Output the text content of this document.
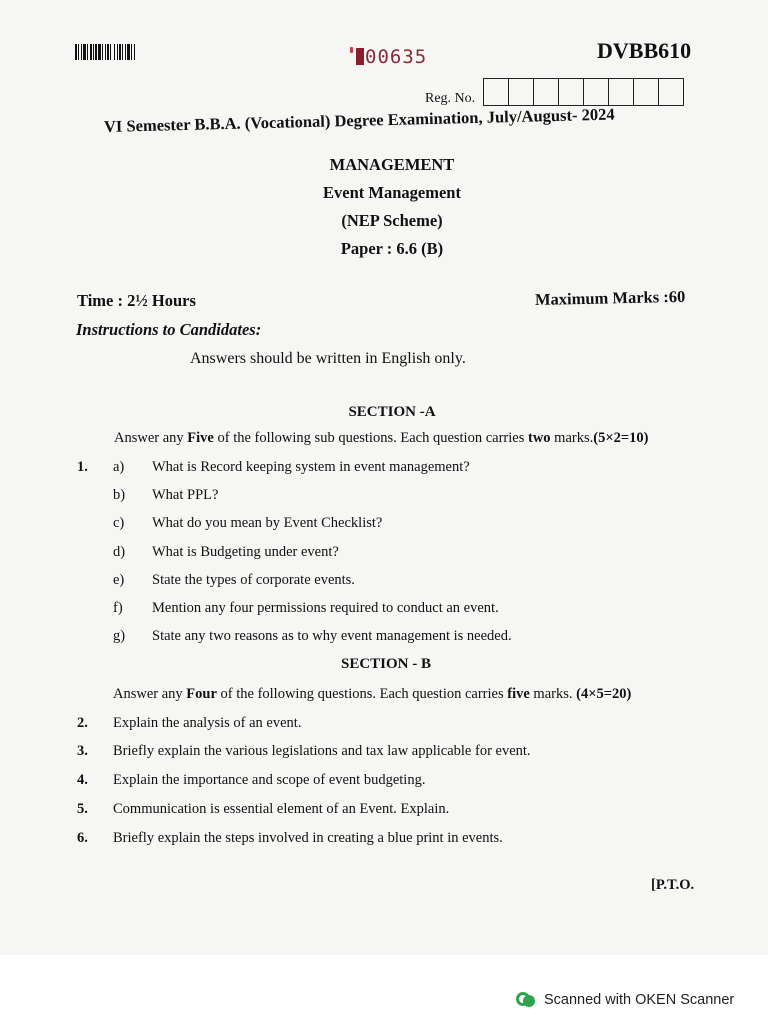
00635	DVBB610
Reg. No.
VI Semester B.B.A. (Vocational) Degree Examination, July/August- 2024
MANAGEMENT
Event Management
(NEP Scheme)
Paper : 6.6 (B)
Time : 2½ Hours	Maximum Marks :60
Instructions to Candidates:
Answers should be written in English only.
SECTION -A
Answer any Five of the following sub questions. Each question carries two marks.(5×2=10)
1. a) What is Record keeping system in event management?
b) What PPL?
c) What do you mean by Event Checklist?
d) What is Budgeting under event?
e) State the types of corporate events.
f) Mention any four permissions required to conduct an event.
g) State any two reasons as to why event management is needed.
SECTION - B
Answer any Four of the following questions. Each question carries five marks. (4×5=20)
2. Explain the analysis of an event.
3. Briefly explain the various legislations and tax law applicable for event.
4. Explain the importance and scope of event budgeting.
5. Communication is essential element of an Event. Explain.
6. Briefly explain the steps involved in creating a blue print in events.
[P.T.O.
Scanned with OKEN Scanner
